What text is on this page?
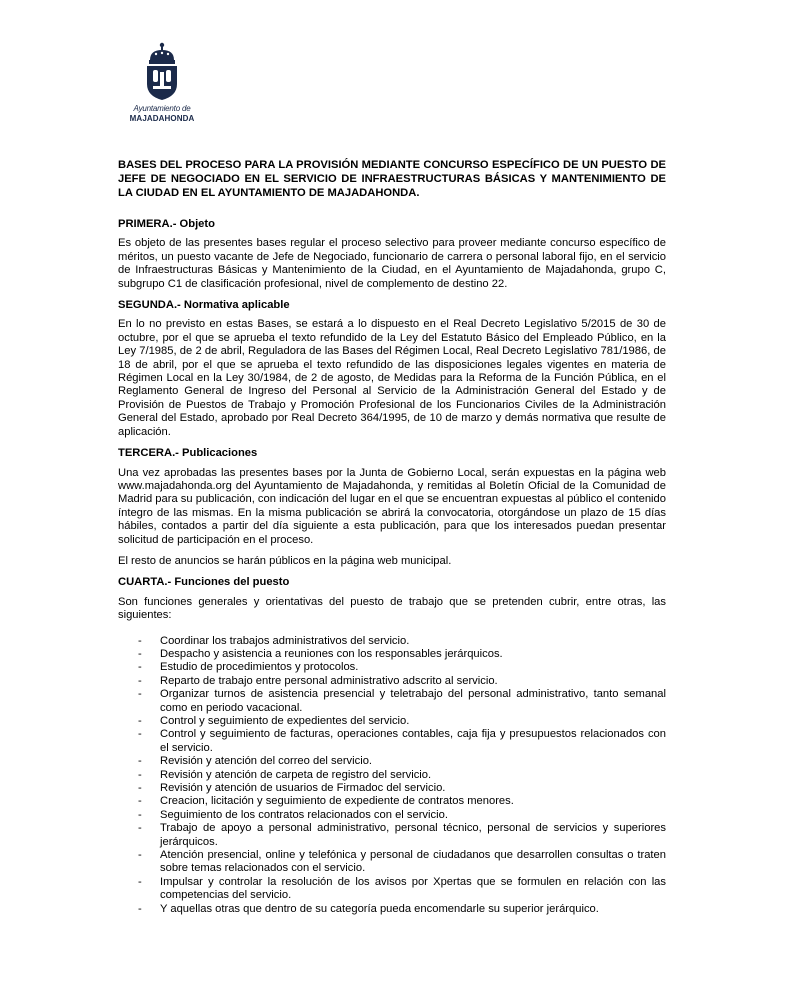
Ayuntamiento de
MAJADAHONDA
BASES DEL PROCESO PARA LA PROVISIÓN MEDIANTE CONCURSO ESPECÍFICO DE UN PUESTO DE JEFE DE NEGOCIADO EN EL SERVICIO DE INFRAESTRUCTURAS BÁSICAS Y MANTENIMIENTO DE LA CIUDAD EN EL AYUNTAMIENTO DE MAJADAHONDA.
PRIMERA.- Objeto
Es objeto de las presentes bases regular el proceso selectivo para proveer mediante concurso específico de méritos, un puesto vacante de Jefe de Negociado, funcionario de carrera o personal laboral fijo, en el servicio de Infraestructuras Básicas y Mantenimiento de la Ciudad, en el Ayuntamiento de Majadahonda, grupo C, subgrupo C1 de clasificación profesional, nivel de complemento de destino 22.
SEGUNDA.- Normativa aplicable
En lo no previsto en estas Bases, se estará a lo dispuesto en el Real Decreto Legislativo 5/2015 de 30 de octubre, por el que se aprueba el texto refundido de la Ley del Estatuto Básico del Empleado Público, en la Ley 7/1985, de 2 de abril, Reguladora de las Bases del Régimen Local, Real Decreto Legislativo 781/1986, de 18 de abril, por el que se aprueba el texto refundido de las disposiciones legales vigentes en materia de Régimen Local en la Ley 30/1984, de 2 de agosto, de Medidas para la Reforma de la Función Pública, en el Reglamento General de Ingreso del Personal al Servicio de la Administración General del Estado y de Provisión de Puestos de Trabajo y Promoción Profesional de los Funcionarios Civiles de la Administración General del Estado, aprobado por Real Decreto 364/1995, de 10 de marzo y demás normativa que resulte de aplicación.
TERCERA.- Publicaciones
Una vez aprobadas las presentes bases por la Junta de Gobierno Local, serán expuestas en la página web www.majadahonda.org del Ayuntamiento de Majadahonda, y remitidas al Boletín Oficial de la Comunidad de Madrid para su publicación, con indicación del lugar en el que se encuentran expuestas al público el contenido íntegro de las mismas. En la misma publicación se abrirá la convocatoria, otorgándose un plazo de 15 días hábiles, contados a partir del día siguiente a esta publicación, para que los interesados puedan presentar solicitud de participación en el proceso.
El resto de anuncios se harán públicos en la página web municipal.
CUARTA.- Funciones del puesto
Son funciones generales y orientativas del puesto de trabajo que se pretenden cubrir, entre otras, las siguientes:
- Coordinar los trabajos administrativos del servicio.
- Despacho y asistencia a reuniones con los responsables jerárquicos.
- Estudio de procedimientos y protocolos.
- Reparto de trabajo entre personal administrativo adscrito al servicio.
- Organizar turnos de asistencia presencial y teletrabajo del personal administrativo, tanto semanal como en periodo vacacional.
- Control y seguimiento de expedientes del servicio.
- Control y seguimiento de facturas, operaciones contables, caja fija y presupuestos relacionados con el servicio.
- Revisión y atención del correo del servicio.
- Revisión y atención de carpeta de registro del servicio.
- Revisión y atención de usuarios de Firmadoc del servicio.
- Creacion, licitación y seguimiento de expediente de contratos menores.
- Seguimiento de los contratos relacionados con el servicio.
- Trabajo de apoyo a personal administrativo, personal técnico, personal de servicios y superiores jerárquicos.
- Atención presencial, online y telefónica y personal de ciudadanos que desarrollen consultas o traten sobre temas relacionados con el servicio.
- Impulsar y controlar la resolución de los avisos por Xpertas que se formulen en relación con las competencias del servicio.
- Y aquellas otras que dentro de su categoría pueda encomendarle su superior jerárquico.
